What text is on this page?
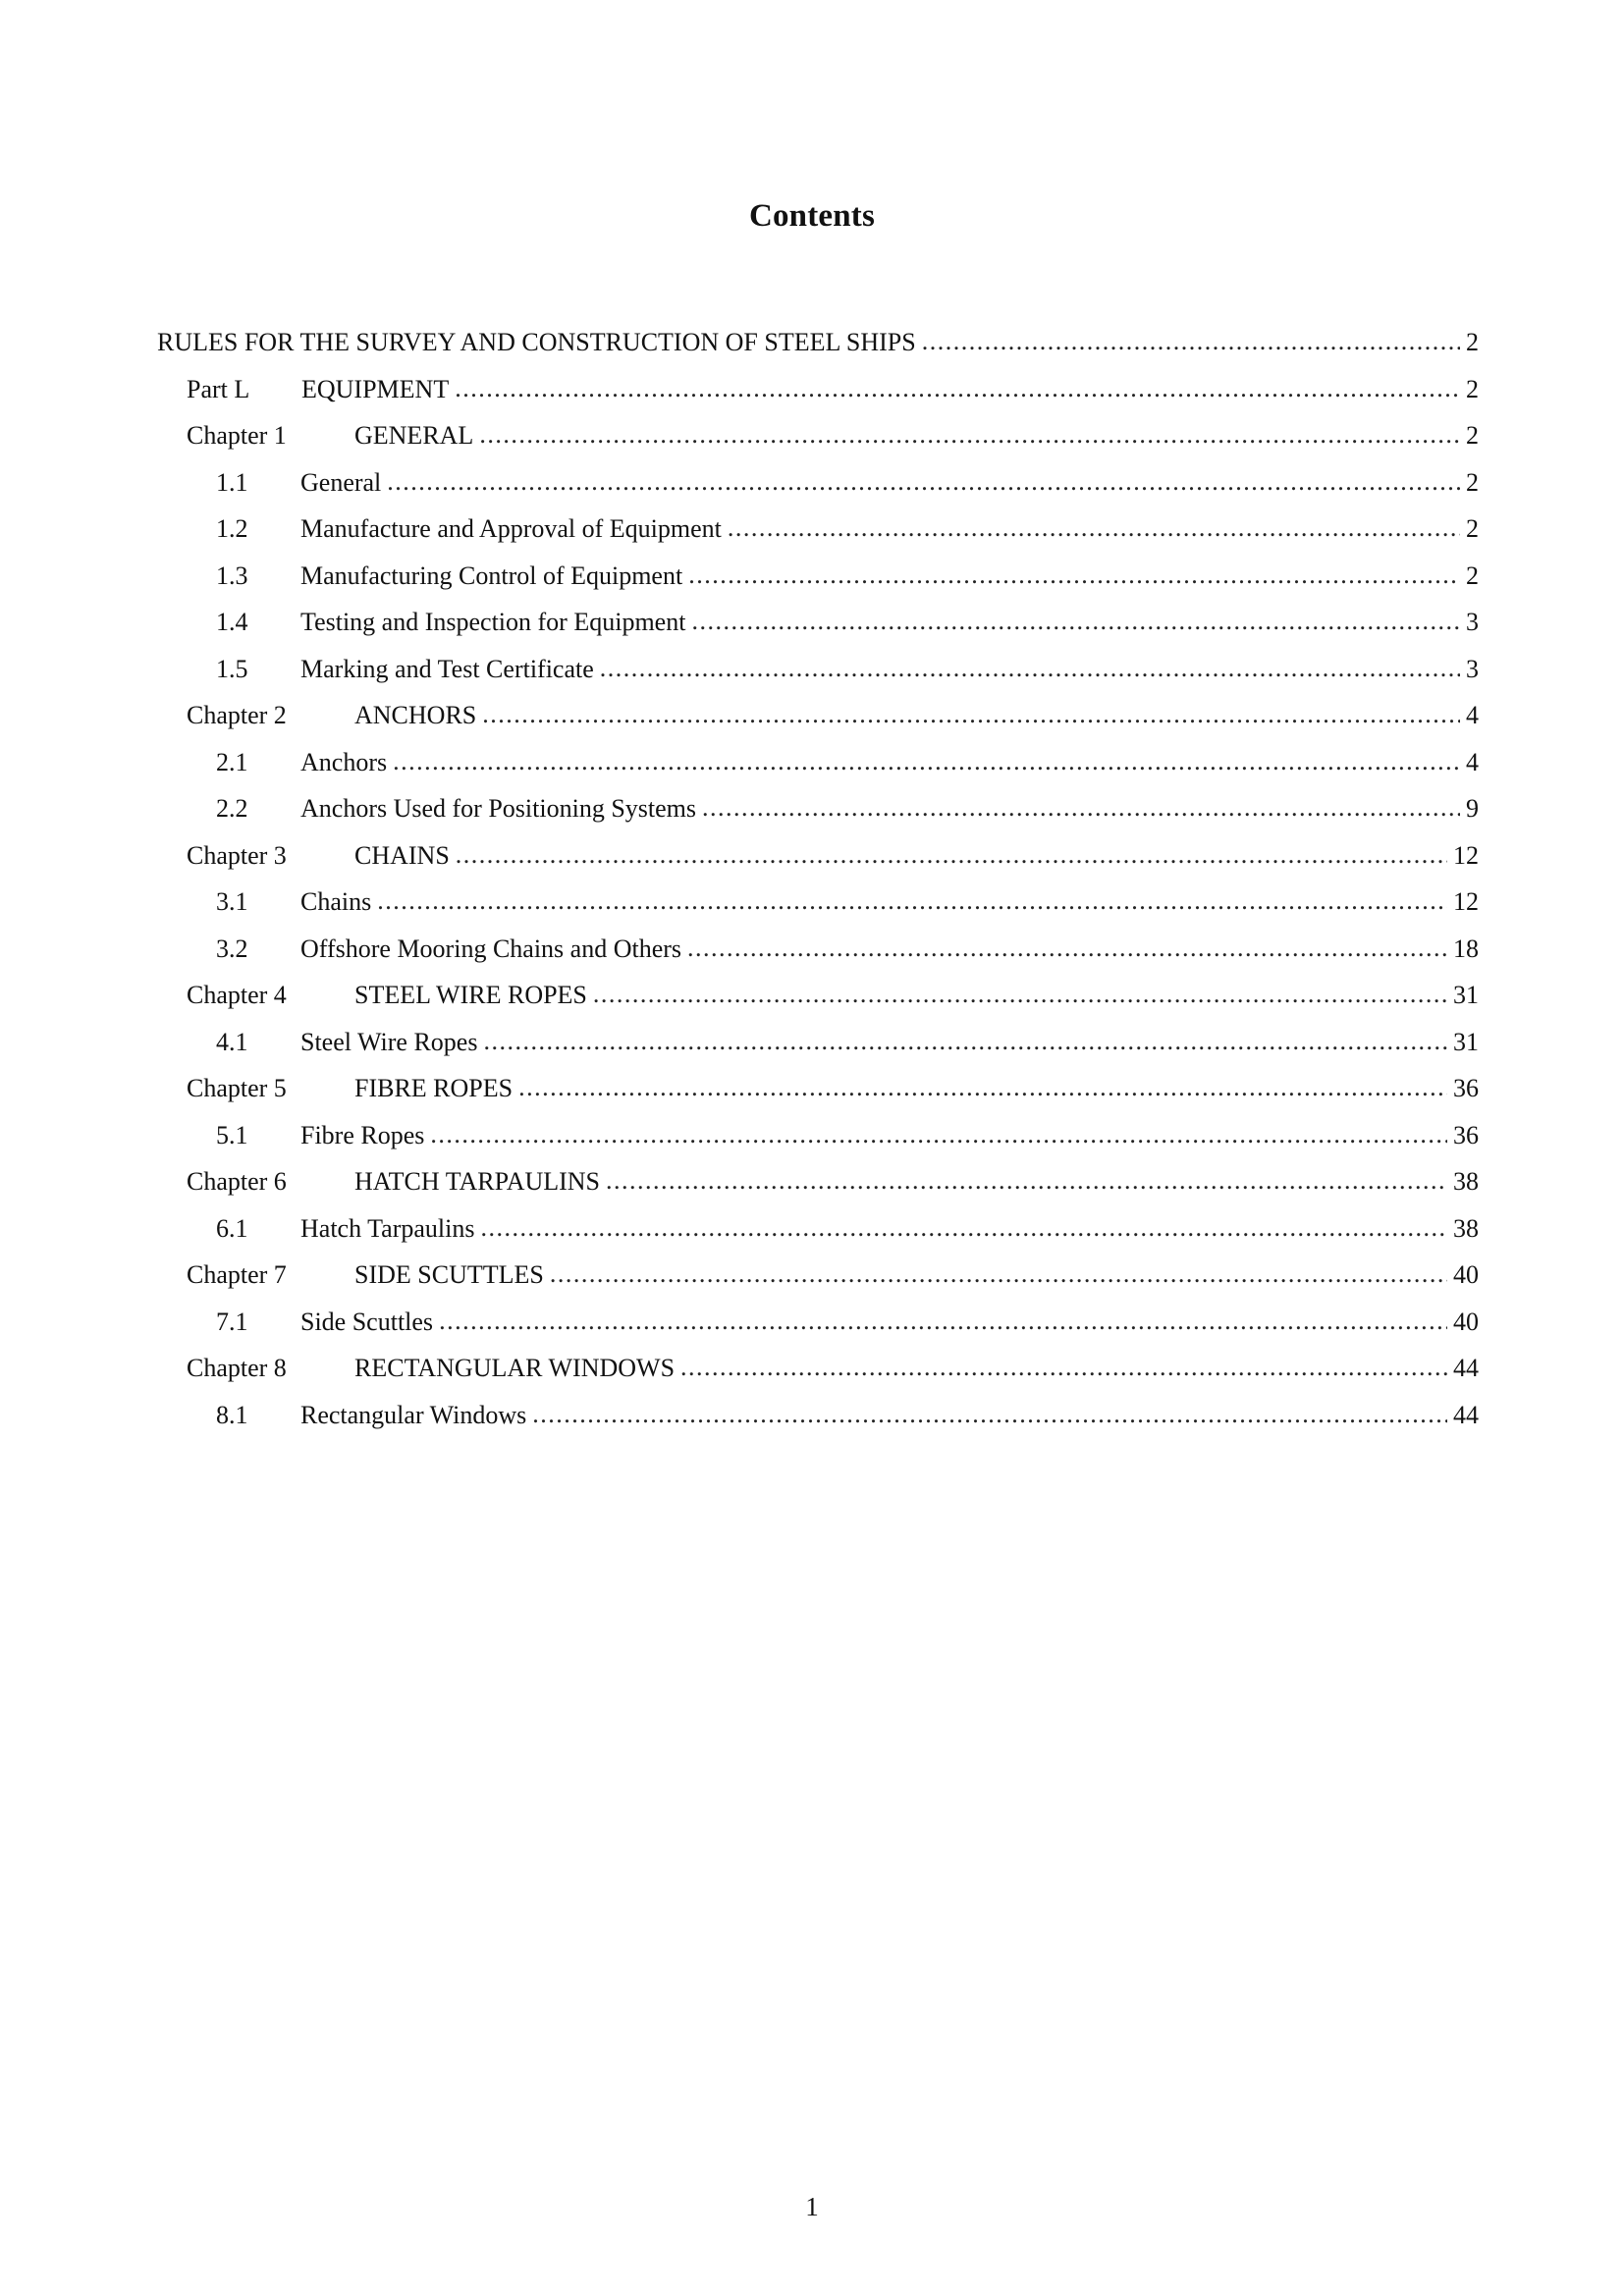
Contents
RULES FOR THE SURVEY AND CONSTRUCTION OF STEEL SHIPS .....	2
Part L	EQUIPMENT .....	2
Chapter 1	GENERAL .....	2
1.1	General .....	2
1.2	Manufacture and Approval of Equipment .....	2
1.3	Manufacturing Control of Equipment .....	2
1.4	Testing and Inspection for Equipment .....	3
1.5	Marking and Test Certificate .....	3
Chapter 2	ANCHORS .....	4
2.1	Anchors .....	4
2.2	Anchors Used for Positioning Systems .....	9
Chapter 3	CHAINS .....	12
3.1	Chains .....	12
3.2	Offshore Mooring Chains and Others .....	18
Chapter 4	STEEL WIRE ROPES .....	31
4.1	Steel Wire Ropes .....	31
Chapter 5	FIBRE ROPES .....	36
5.1	Fibre Ropes .....	36
Chapter 6	HATCH TARPAULINS .....	38
6.1	Hatch Tarpaulins .....	38
Chapter 7	SIDE SCUTTLES .....	40
7.1	Side Scuttles .....	40
Chapter 8	RECTANGULAR WINDOWS .....	44
8.1	Rectangular Windows .....	44
1
